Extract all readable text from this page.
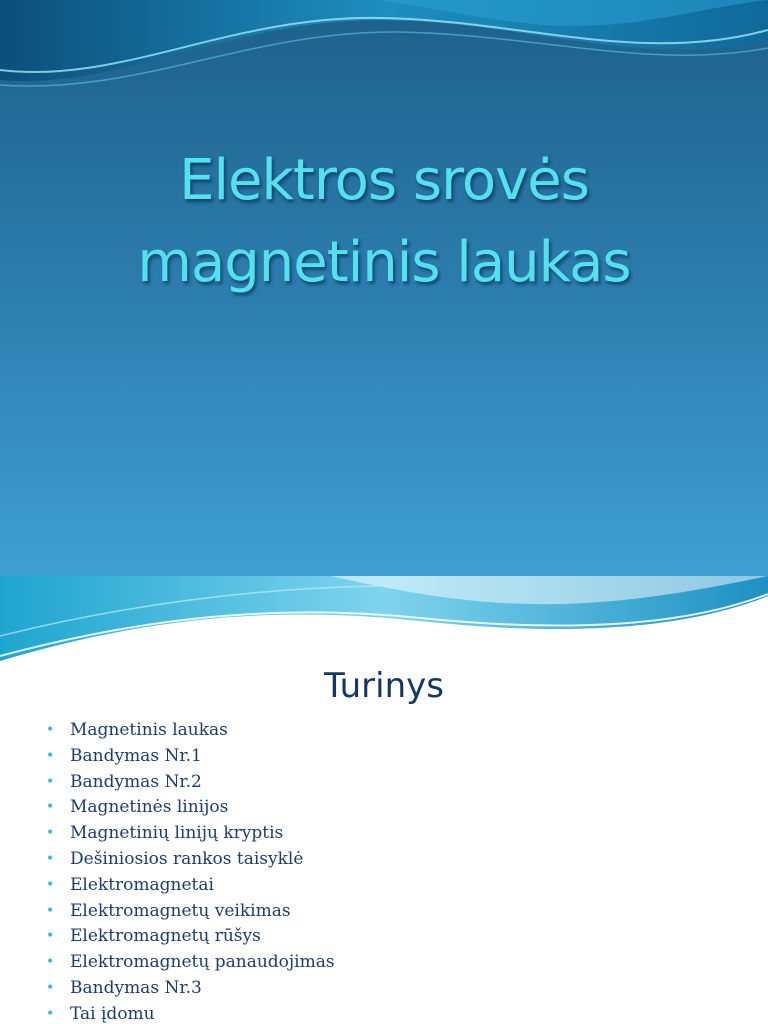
Elektros srovės
magnetinis laukas
Turinys
• Magnetinis laukas
• Bandymas Nr.1
• Bandymas Nr.2
• Magnetinės linijos
• Magnetinių linijų kryptis
• Dešiniosios rankos taisyklė
• Elektromagnetai
• Elektromagnetų veikimas
• Elektromagnetų rūšys
• Elektromagnetų panaudojimas
• Bandymas Nr.3
• Tai įdomu
